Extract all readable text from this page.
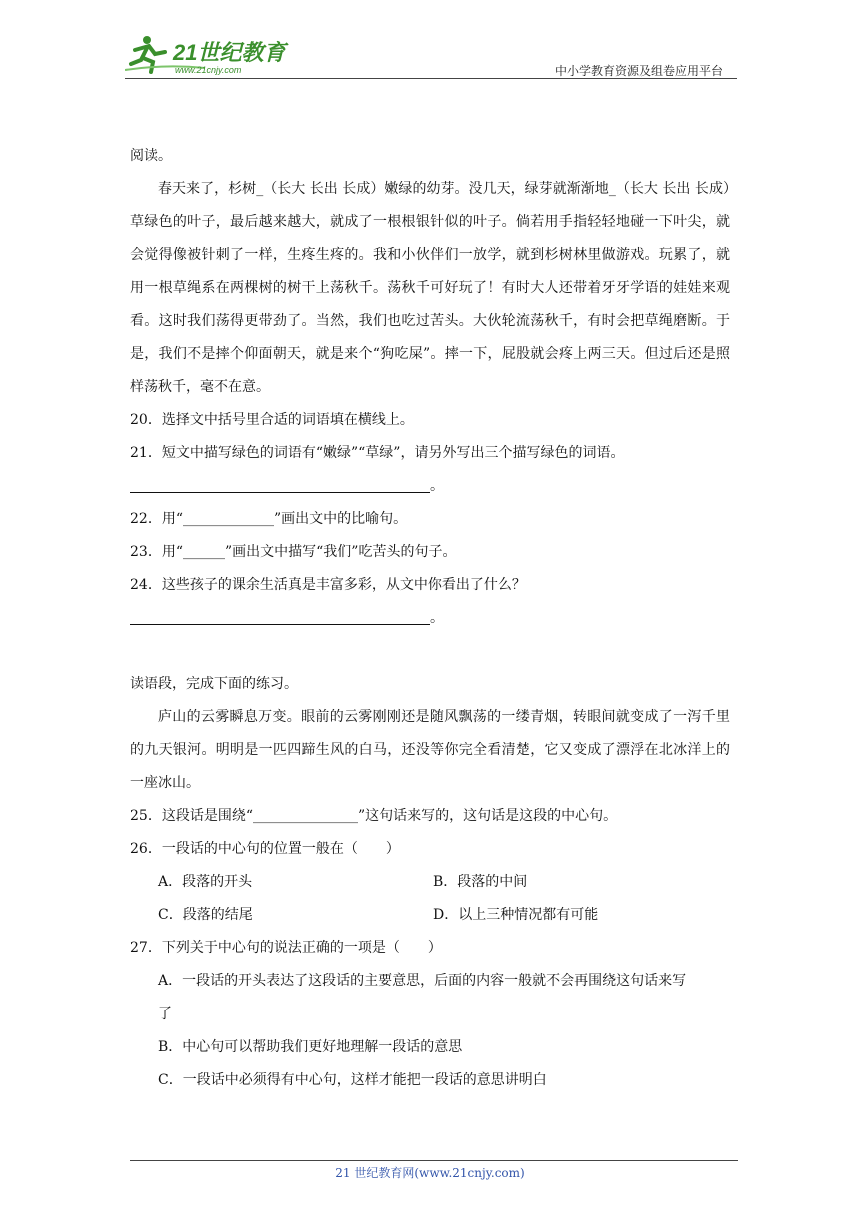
21世纪教育
www.21cnjy.com	中小学教育资源及组卷应用平台
阅读。
春天来了，杉树_（长大 长出 长成）嫩绿的幼芽。没几天，绿芽就渐渐地_（长大 长出 长成）草绿色的叶子，最后越来越大，就成了一根根银针似的叶子。倘若用手指轻轻地碰一下叶尖，就会觉得像被针刺了一样，生疼生疼的。我和小伙伴们一放学，就到杉树林里做游戏。玩累了，就用一根草绳系在两棵树的树干上荡秋千。荡秋千可好玩了！有时大人还带着牙牙学语的娃娃来观看。这时我们荡得更带劲了。当然，我们也吃过苦头。大伙轮流荡秋千，有时会把草绳磨断。于是，我们不是摔个仰面朝天，就是来个“狗吃屎”。摔一下，屁股就会疼上两三天。但过后还是照样荡秋千，毫不在意。
20．选择文中括号里合适的词语填在横线上。
21．短文中描写绿色的词语有“嫩绿”“草绿”，请另外写出三个描写绿色的词语。
。
22．用“_____________”画出文中的比喻句。
23．用“______”画出文中描写“我们”吃苦头的句子。
24．这些孩子的课余生活真是丰富多彩，从文中你看出了什么？
。
读语段，完成下面的练习。
庐山的云雾瞬息万变。眼前的云雾刚刚还是随风飘荡的一缕青烟，转眼间就变成了一泻千里的九天银河。明明是一匹四蹄生风的白马，还没等你完全看清楚，它又变成了漂浮在北冰洋上的一座冰山。
25．这段话是围绕“_______________”这句话来写的，这句话是这段的中心句。
26．一段话的中心句的位置一般在（　　）
A．段落的开头	B．段落的中间
C．段落的结尾	D．以上三种情况都有可能
27．下列关于中心句的说法正确的一项是（　　）
A．一段话的开头表达了这段话的主要意思，后面的内容一般就不会再围绕这句话来写
了
B．中心句可以帮助我们更好地理解一段话的意思
C．一段话中必须得有中心句，这样才能把一段话的意思讲明白
21 世纪教育网(www.21cnjy.com)
